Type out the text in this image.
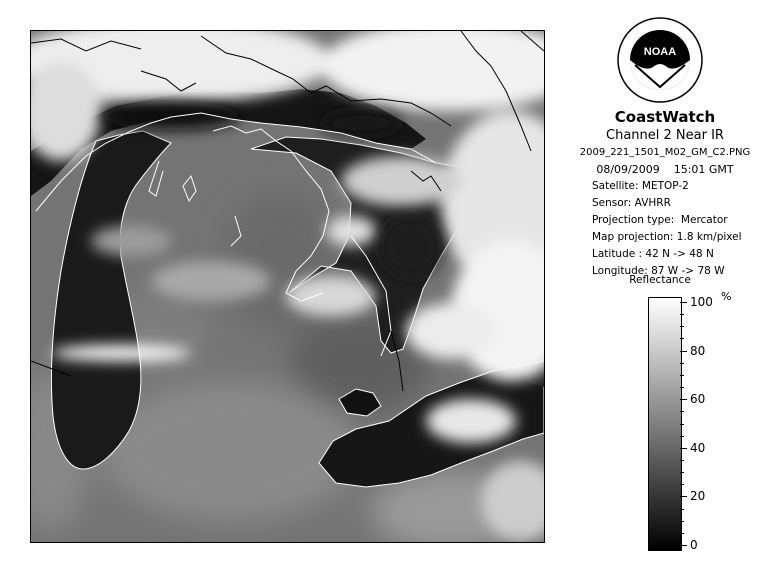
NOAA
CoastWatch
Channel 2 Near IR
2009_221_1501_M02_GM_C2.PNG
08/09/2009    15:01 GMT
Satellite: METOP-2
Sensor: AVHRR
Projection type:  Mercator
Map projection: 1.8 km/pixel
Latitude : 42 N -> 48 N
Longitude: 87 W -> 78 W
Reflectance
%
100
80
60
40
20
0
